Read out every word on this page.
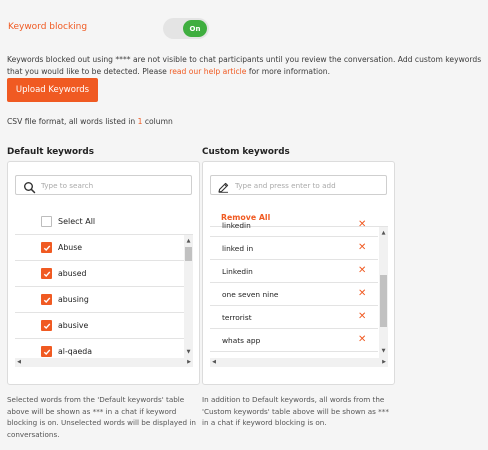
Keyword blocking	On

Keywords blocked out using **** are not visible to chat participants until you review the conversation. Add custom keywords that you would like to be detected. Please read our help article for more information.

Upload Keywords

CSV file format, all words listed in 1 column

Default keywords
Type to search
Select All
Abuse
abused
abusing
abusive
al-qaeda
▲
▼
◀	▶

Selected words from the 'Default keywords' table above will be shown as *** in a chat if keyword blocking is on. Unselected words will be displayed in conversations.

Custom keywords
Type and press enter to add
Remove All
linkedin	✕
linked in	✕
Linkedin	✕
one seven nine	✕
terrorist	✕
whats app	✕
▲
▼
◀	▶

In addition to Default keywords, all words from the 'Custom keywords' table above will be shown as *** in a chat if keyword blocking is on.
